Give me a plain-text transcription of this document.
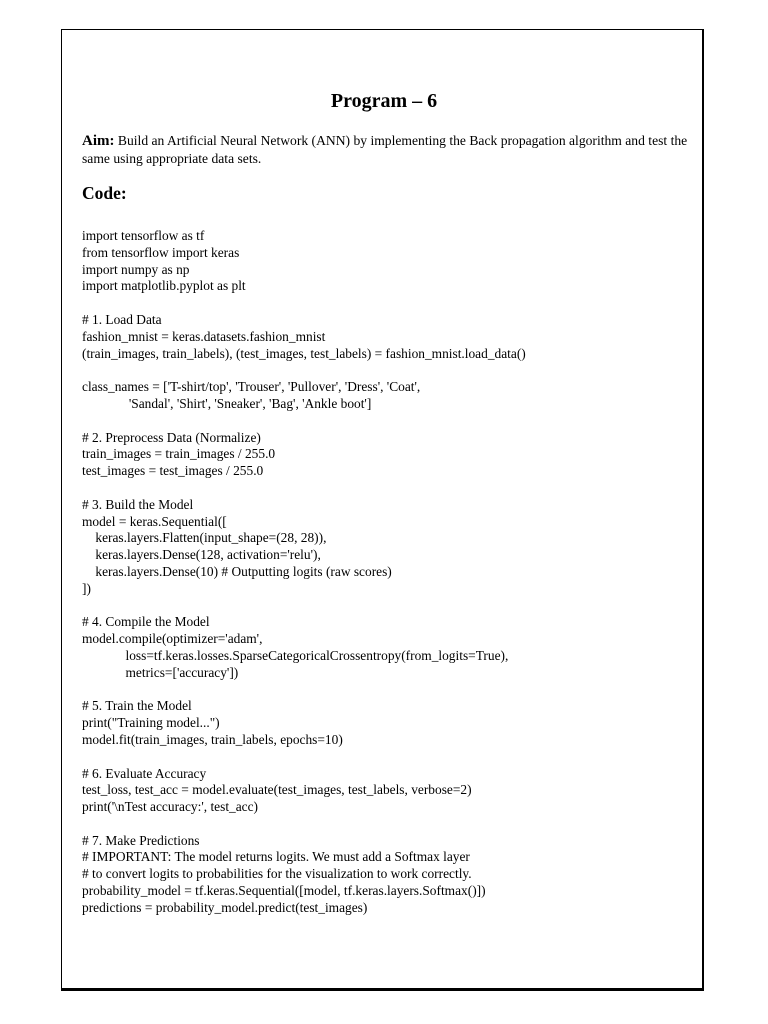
Program – 6
Aim: Build an Artificial Neural Network (ANN) by implementing the Back propagation algorithm and test the same using appropriate data sets.
Code:
import tensorflow as tf
from tensorflow import keras
import numpy as np
import matplotlib.pyplot as plt
# 1. Load Data
fashion_mnist = keras.datasets.fashion_mnist
(train_images, train_labels), (test_images, test_labels) = fashion_mnist.load_data()
class_names = ['T-shirt/top', 'Trouser', 'Pullover', 'Dress', 'Coat',
'Sandal', 'Shirt', 'Sneaker', 'Bag', 'Ankle boot']
# 2. Preprocess Data (Normalize)
train_images = train_images / 255.0
test_images = test_images / 255.0
# 3. Build the Model
model = keras.Sequential([
keras.layers.Flatten(input_shape=(28, 28)),
keras.layers.Dense(128, activation='relu'),
keras.layers.Dense(10) # Outputting logits (raw scores)
])
# 4. Compile the Model
model.compile(optimizer='adam',
loss=tf.keras.losses.SparseCategoricalCrossentropy(from_logits=True),
metrics=['accuracy'])
# 5. Train the Model
print("Training model...")
model.fit(train_images, train_labels, epochs=10)
# 6. Evaluate Accuracy
test_loss, test_acc = model.evaluate(test_images, test_labels, verbose=2)
print('\nTest accuracy:', test_acc)
# 7. Make Predictions
# IMPORTANT: The model returns logits. We must add a Softmax layer
# to convert logits to probabilities for the visualization to work correctly.
probability_model = tf.keras.Sequential([model, tf.keras.layers.Softmax()])
predictions = probability_model.predict(test_images)
